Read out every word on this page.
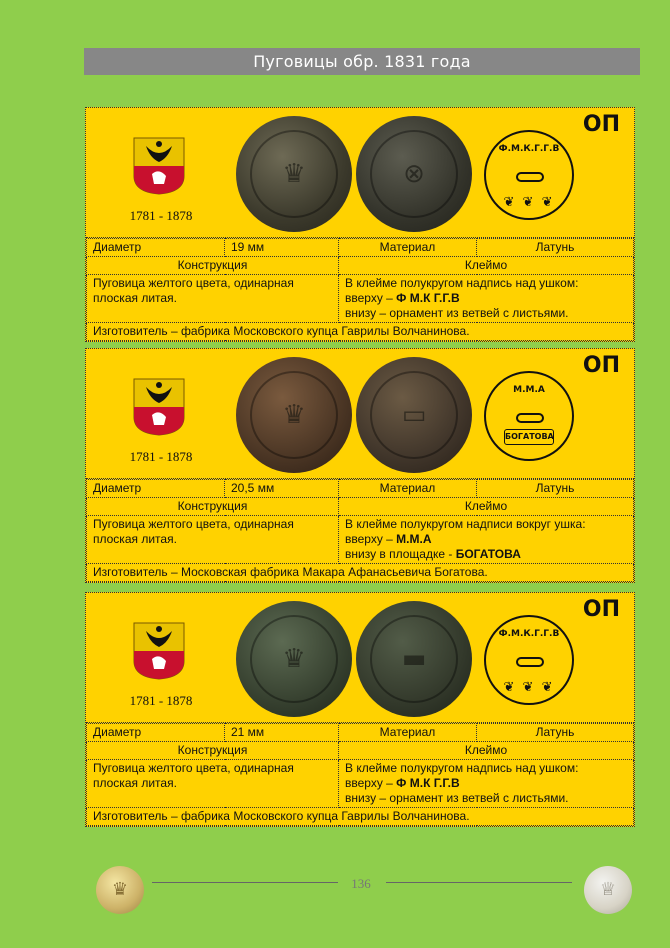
Пуговицы обр. 1831 года
1781 - 1878
♛	⊗
Ф.М.К.Г.Г.В
❦ ❦ ❦
ОП
Диаметр	19 мм	Материал	Латунь
Конструкция		Клеймо	
Пуговица желтого цвета, одинарная плоская литая.		В клейме полукругом надпись над ушком:
вверху – Ф М.К Г.Г.В
внизу – орнамент из ветвей с листьями.	

Изготовитель – фабрика Московского купца Гаврилы Волчанинова.			
1781 - 1878
♛	▭
М.М.А
БОГАТОВА
ОП
Диаметр	20,5 мм	Материал	Латунь
Конструкция		Клеймо	
Пуговица желтого цвета, одинарная плоская литая.		В клейме полукругом надписи вокруг ушка:
вверху – М.М.А
внизу в площадке - БОГАТОВА	

Изготовитель – Московская фабрика Макара Афанасьевича Богатова.			
1781 - 1878
♛	▬
Ф.М.К.Г.Г.В
❦ ❦ ❦
ОП
Диаметр	21 мм	Материал	Латунь
Конструкция		Клеймо	
Пуговица желтого цвета, одинарная плоская литая.		В клейме полукругом надпись над ушком:
вверху – Ф М.К Г.Г.В
внизу – орнамент из ветвей с листьями.	

Изготовитель – фабрика Московского купца Гаврилы Волчанинова.			
♛	136	♕
